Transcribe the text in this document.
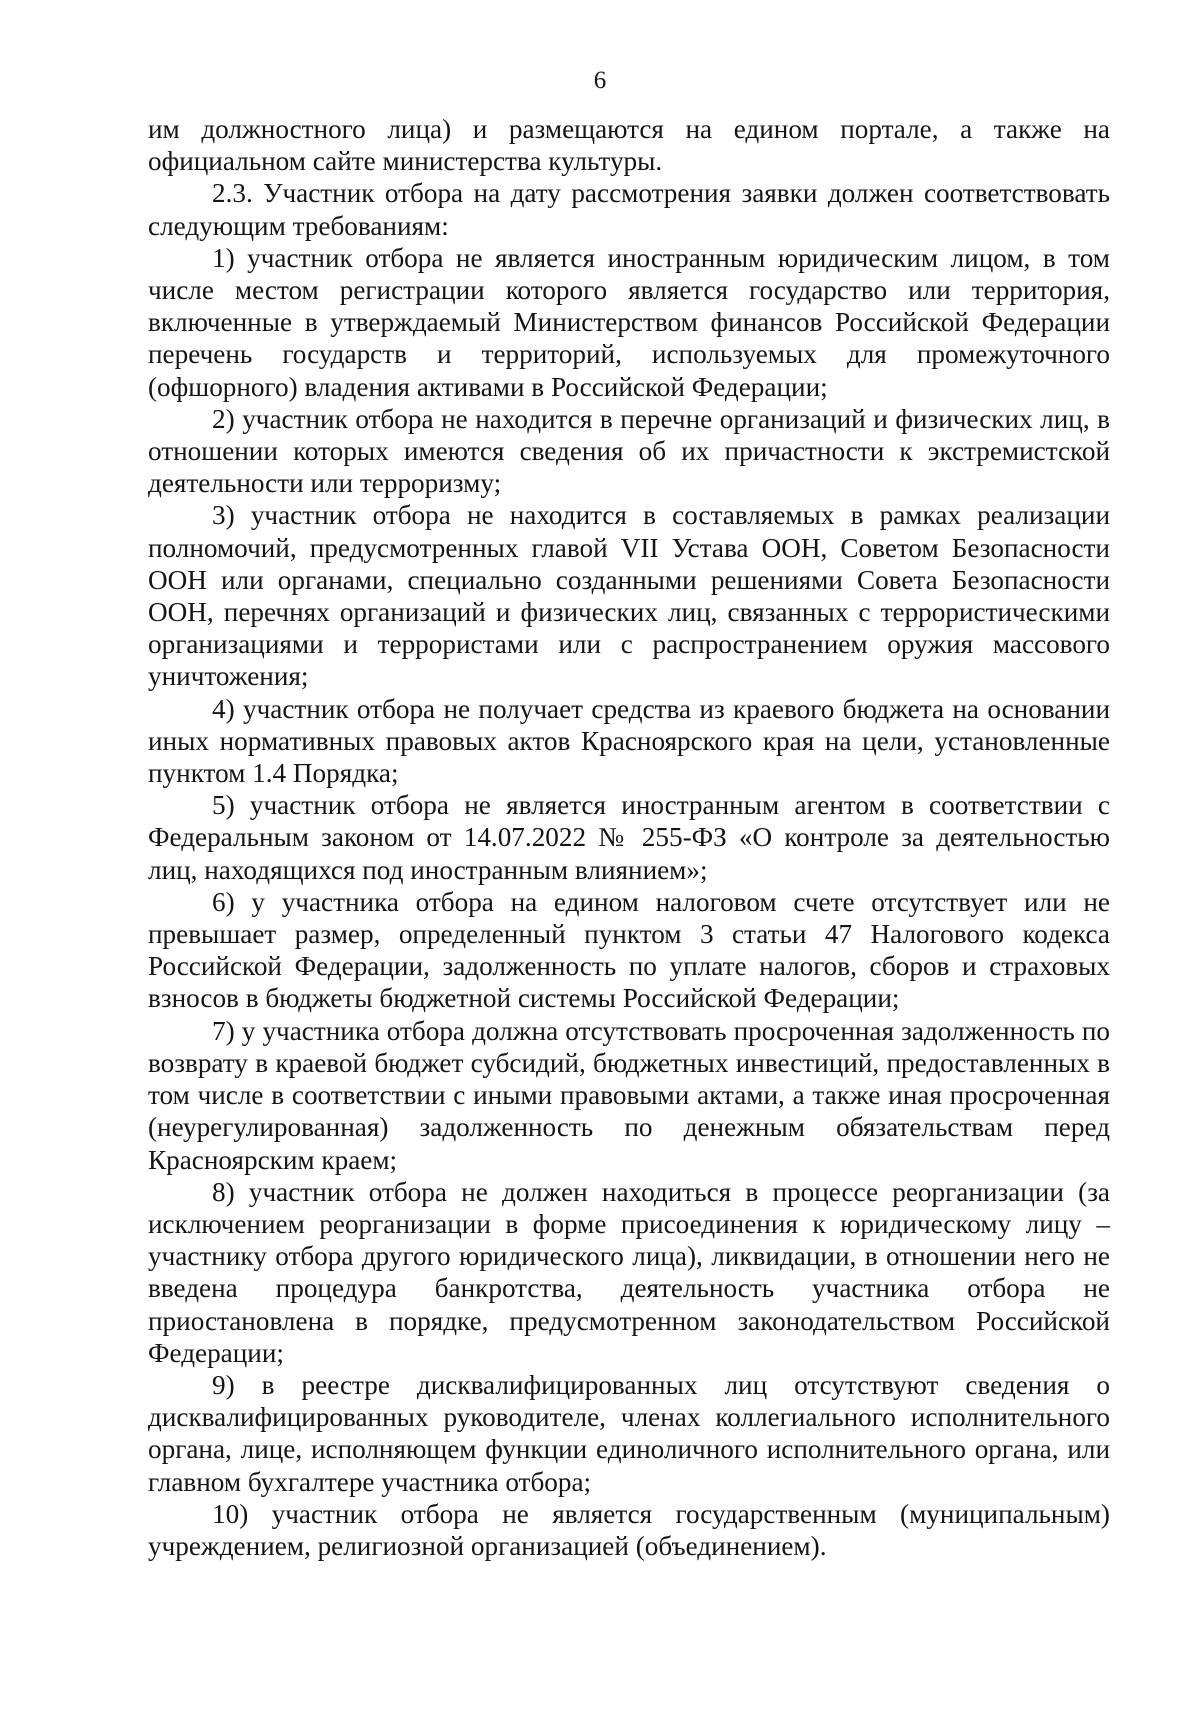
6

им должностного лица) и размещаются на едином портале, а также на официальном сайте министерства культуры.

2.3. Участник отбора на дату рассмотрения заявки должен соответствовать следующим требованиям:

1) участник отбора не является иностранным юридическим лицом, в том числе местом регистрации которого является государство или территория, включенные в утверждаемый Министерством финансов Российской Федерации перечень государств и территорий, используемых для промежуточного (офшорного) владения активами в Российской Федерации;

2) участник отбора не находится в перечне организаций и физических лиц, в отношении которых имеются сведения об их причастности к экстремистской деятельности или терроризму;

3) участник отбора не находится в составляемых в рамках реализации полномочий, предусмотренных главой VII Устава ООН, Советом Безопасности ООН или органами, специально созданными решениями Совета Безопасности ООН, перечнях организаций и физических лиц, связанных с террористическими организациями и террористами или с распространением оружия массового уничтожения;

4) участник отбора не получает средства из краевого бюджета на основании иных нормативных правовых актов Красноярского края на цели, установленные пунктом 1.4 Порядка;

5) участник отбора не является иностранным агентом в соответствии с Федеральным законом от 14.07.2022 № 255-ФЗ «О контроле за деятельностью лиц, находящихся под иностранным влиянием»;

6) у участника отбора на едином налоговом счете отсутствует или не превышает размер, определенный пунктом 3 статьи 47 Налогового кодекса Российской Федерации, задолженность по уплате налогов, сборов и страховых взносов в бюджеты бюджетной системы Российской Федерации;

7) у участника отбора должна отсутствовать просроченная задолженность по возврату в краевой бюджет субсидий, бюджетных инвестиций, предоставленных в том числе в соответствии с иными правовыми актами, а также иная просроченная (неурегулированная) задолженность по денежным обязательствам перед Красноярским краем;

8) участник отбора не должен находиться в процессе реорганизации (за исключением реорганизации в форме присоединения к юридическому лицу – участнику отбора другого юридического лица), ликвидации, в отношении него не введена процедура банкротства, деятельность участника отбора не приостановлена в порядке, предусмотренном законодательством Российской Федерации;

9) в реестре дисквалифицированных лиц отсутствуют сведения о дисквалифицированных руководителе, членах коллегиального исполнительного органа, лице, исполняющем функции единоличного исполнительного органа, или главном бухгалтере участника отбора;

10) участник отбора не является государственным (муниципальным) учреждением, религиозной организацией (объединением).
